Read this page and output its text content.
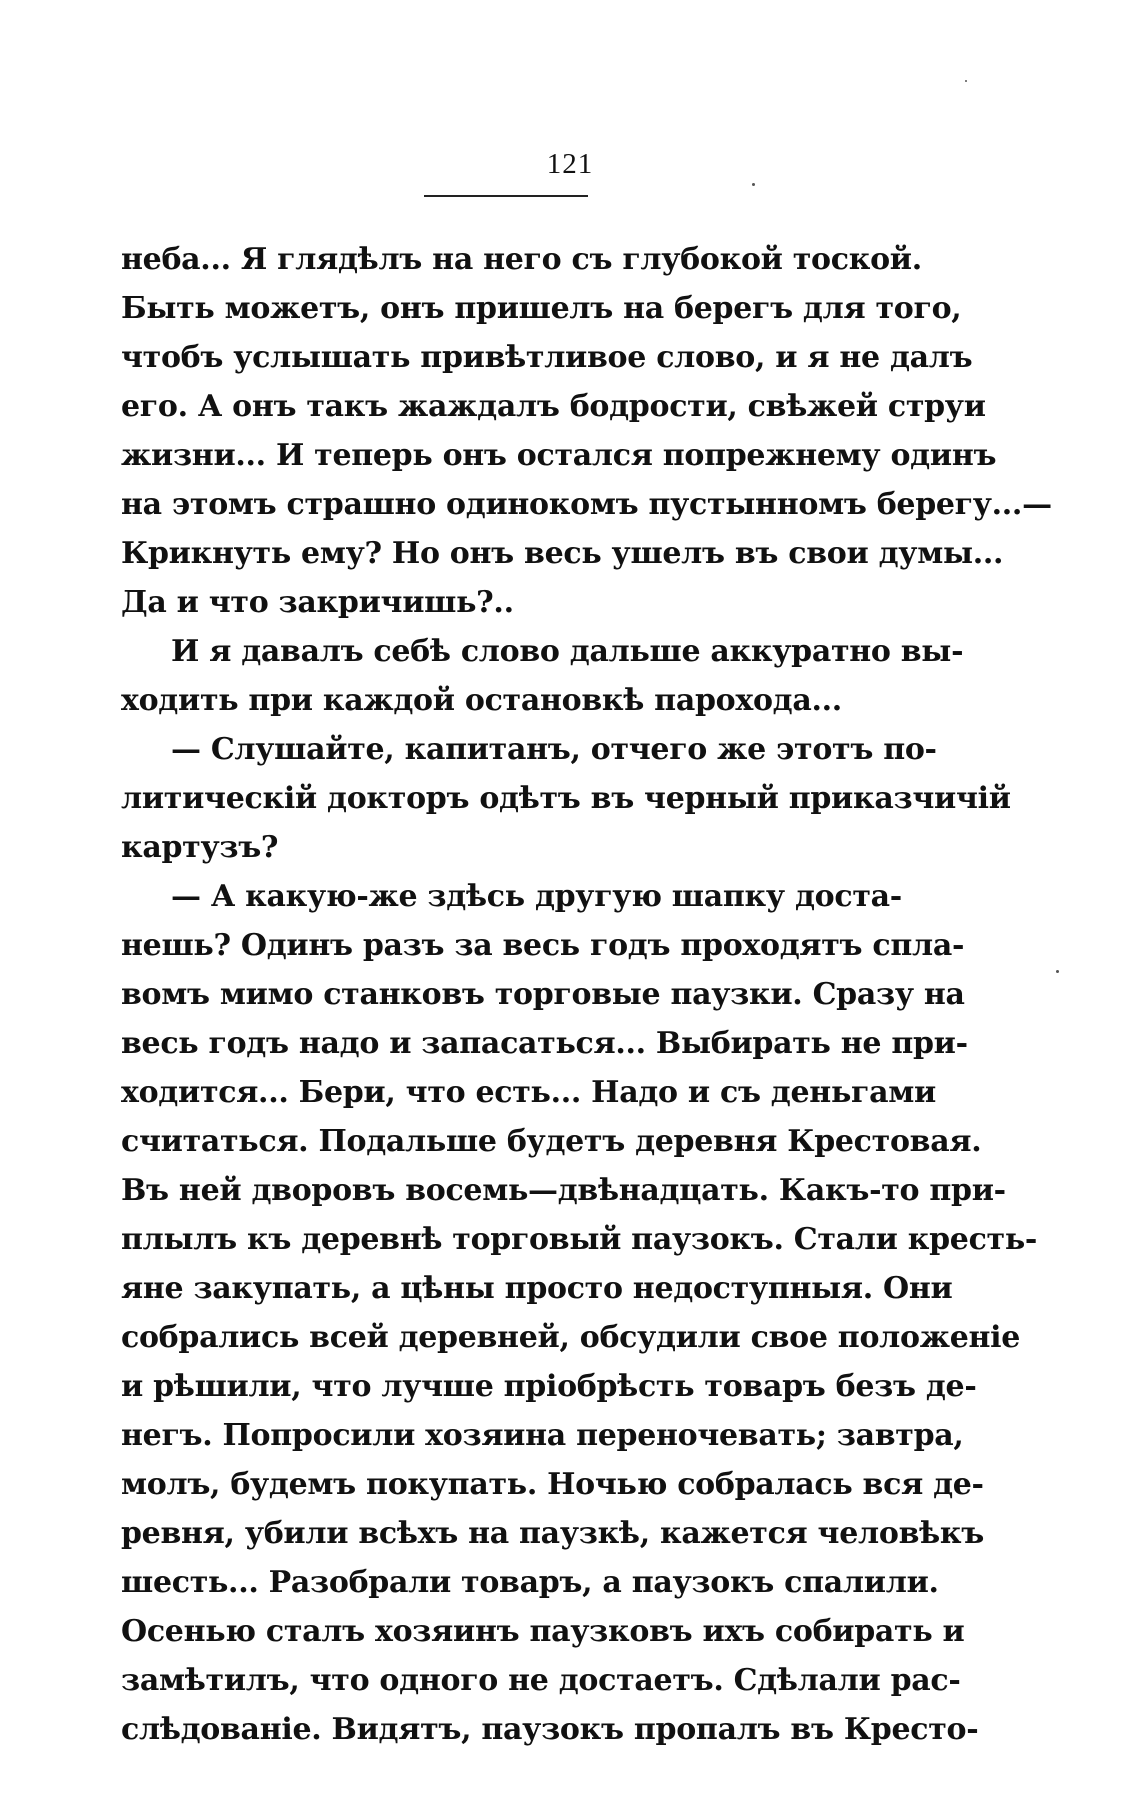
121
неба... Я глядѣлъ на него съ глубокой тоской.
Быть можетъ, онъ пришелъ на берегъ для того,
чтобъ услышать привѣтливое слово, и я не далъ
его. А онъ такъ жаждалъ бодрости, свѣжей струи
жизни... И теперь онъ остался попрежнему одинъ
на этомъ страшно одинокомъ пустынномъ берегу...—
Крикнуть ему? Но онъ весь ушелъ въ свои думы...
Да и что закричишь?..
И я давалъ себѣ слово дальше аккуратно вы-
ходить при каждой остановкѣ парохода...
— Слушайте, капитанъ, отчего же этотъ по-
литическій докторъ одѣтъ въ черный приказчичій
картузъ?
— А какую-же здѣсь другую шапку доста-
нешь? Одинъ разъ за весь годъ проходятъ спла-
вомъ мимо станковъ торговые паузки. Сразу на
весь годъ надо и запасаться... Выбирать не при-
ходится... Бери, что есть... Надо и съ деньгами
считаться. Подальше будетъ деревня Крестовая.
Въ ней дворовъ восемь—двѣнадцать. Какъ-то при-
плылъ къ деревнѣ торговый паузокъ. Стали кресть-
яне закупать, а цѣны просто недоступныя. Они
собрались всей деревней, обсудили свое положеніе
и рѣшили, что лучше пріобрѣсть товаръ безъ де-
негъ. Попросили хозяина переночевать; завтра,
молъ, будемъ покупать. Ночью собралась вся де-
ревня, убили всѣхъ на паузкѣ, кажется человѣкъ
шесть... Разобрали товаръ, а паузокъ спалили.
Осенью сталъ хозяинъ паузковъ ихъ собирать и
замѣтилъ, что одного не достаетъ. Сдѣлали рас-
слѣдованіе. Видятъ, паузокъ пропалъ въ Кресто-
